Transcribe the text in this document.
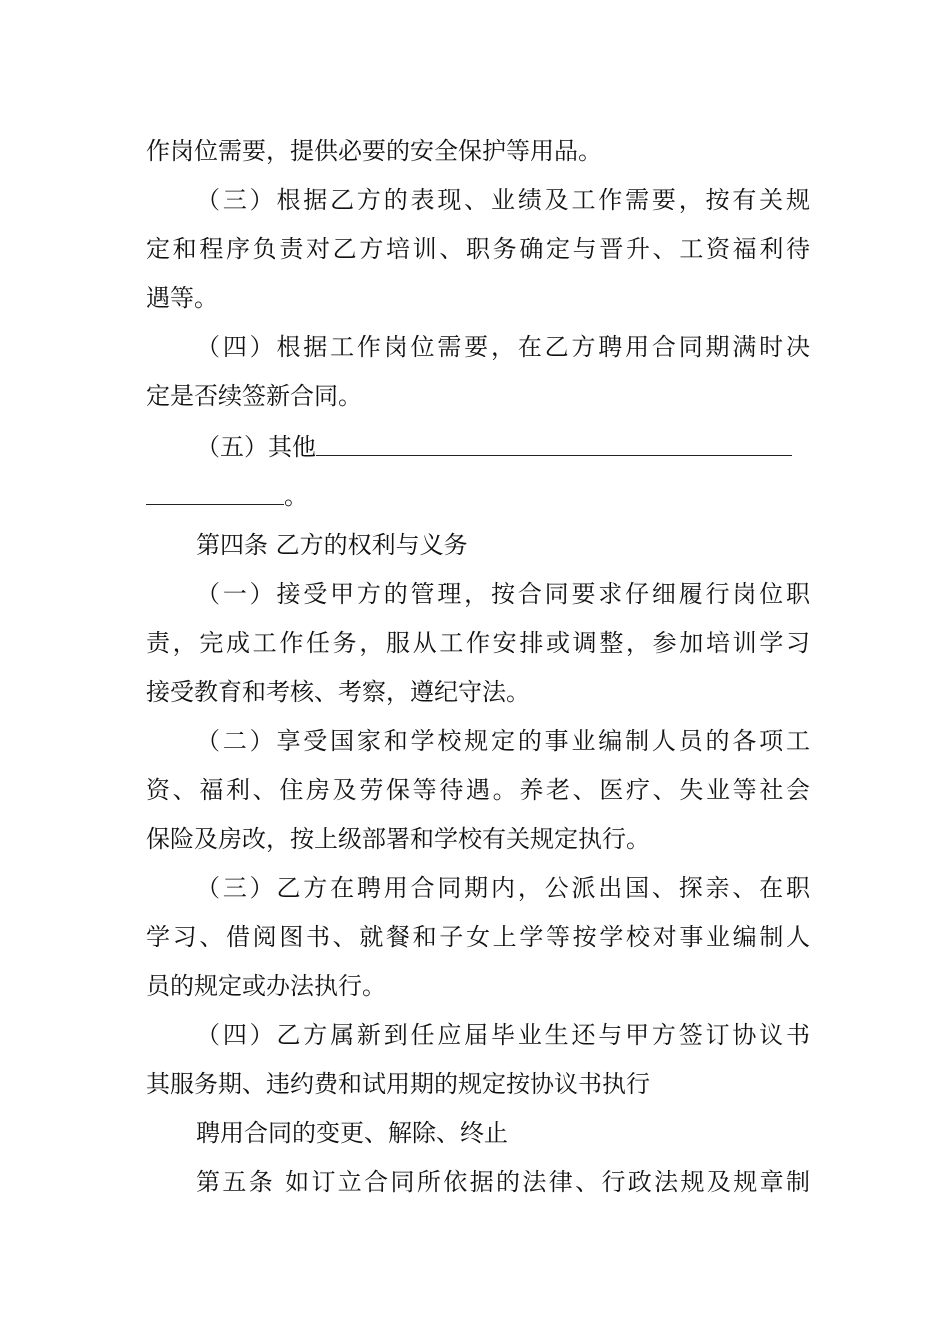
作岗位需要，提供必要的安全保护等用品。
（三）根据乙方的表现、业绩及工作需要，按有关规
定和程序负责对乙方培训、职务确定与晋升、工资福利待
遇等。
（四）根据工作岗位需要，在乙方聘用合同期满时决
定是否续签新合同。
（五）其他
。
第四条 乙方的权利与义务
（一）接受甲方的管理，按合同要求仔细履行岗位职
责，完成工作任务，服从工作安排或调整，参加培训学习
接受教育和考核、考察，遵纪守法。
（二）享受国家和学校规定的事业编制人员的各项工
资、福利、住房及劳保等待遇。养老、医疗、失业等社会
保险及房改，按上级部署和学校有关规定执行。
（三）乙方在聘用合同期内，公派出国、探亲、在职
学习、借阅图书、就餐和子女上学等按学校对事业编制人
员的规定或办法执行。
（四）乙方属新到任应届毕业生还与甲方签订协议书
其服务期、违约费和试用期的规定按协议书执行
聘用合同的变更、解除、终止
第五条 如订立合同所依据的法律、行政法规及规章制
